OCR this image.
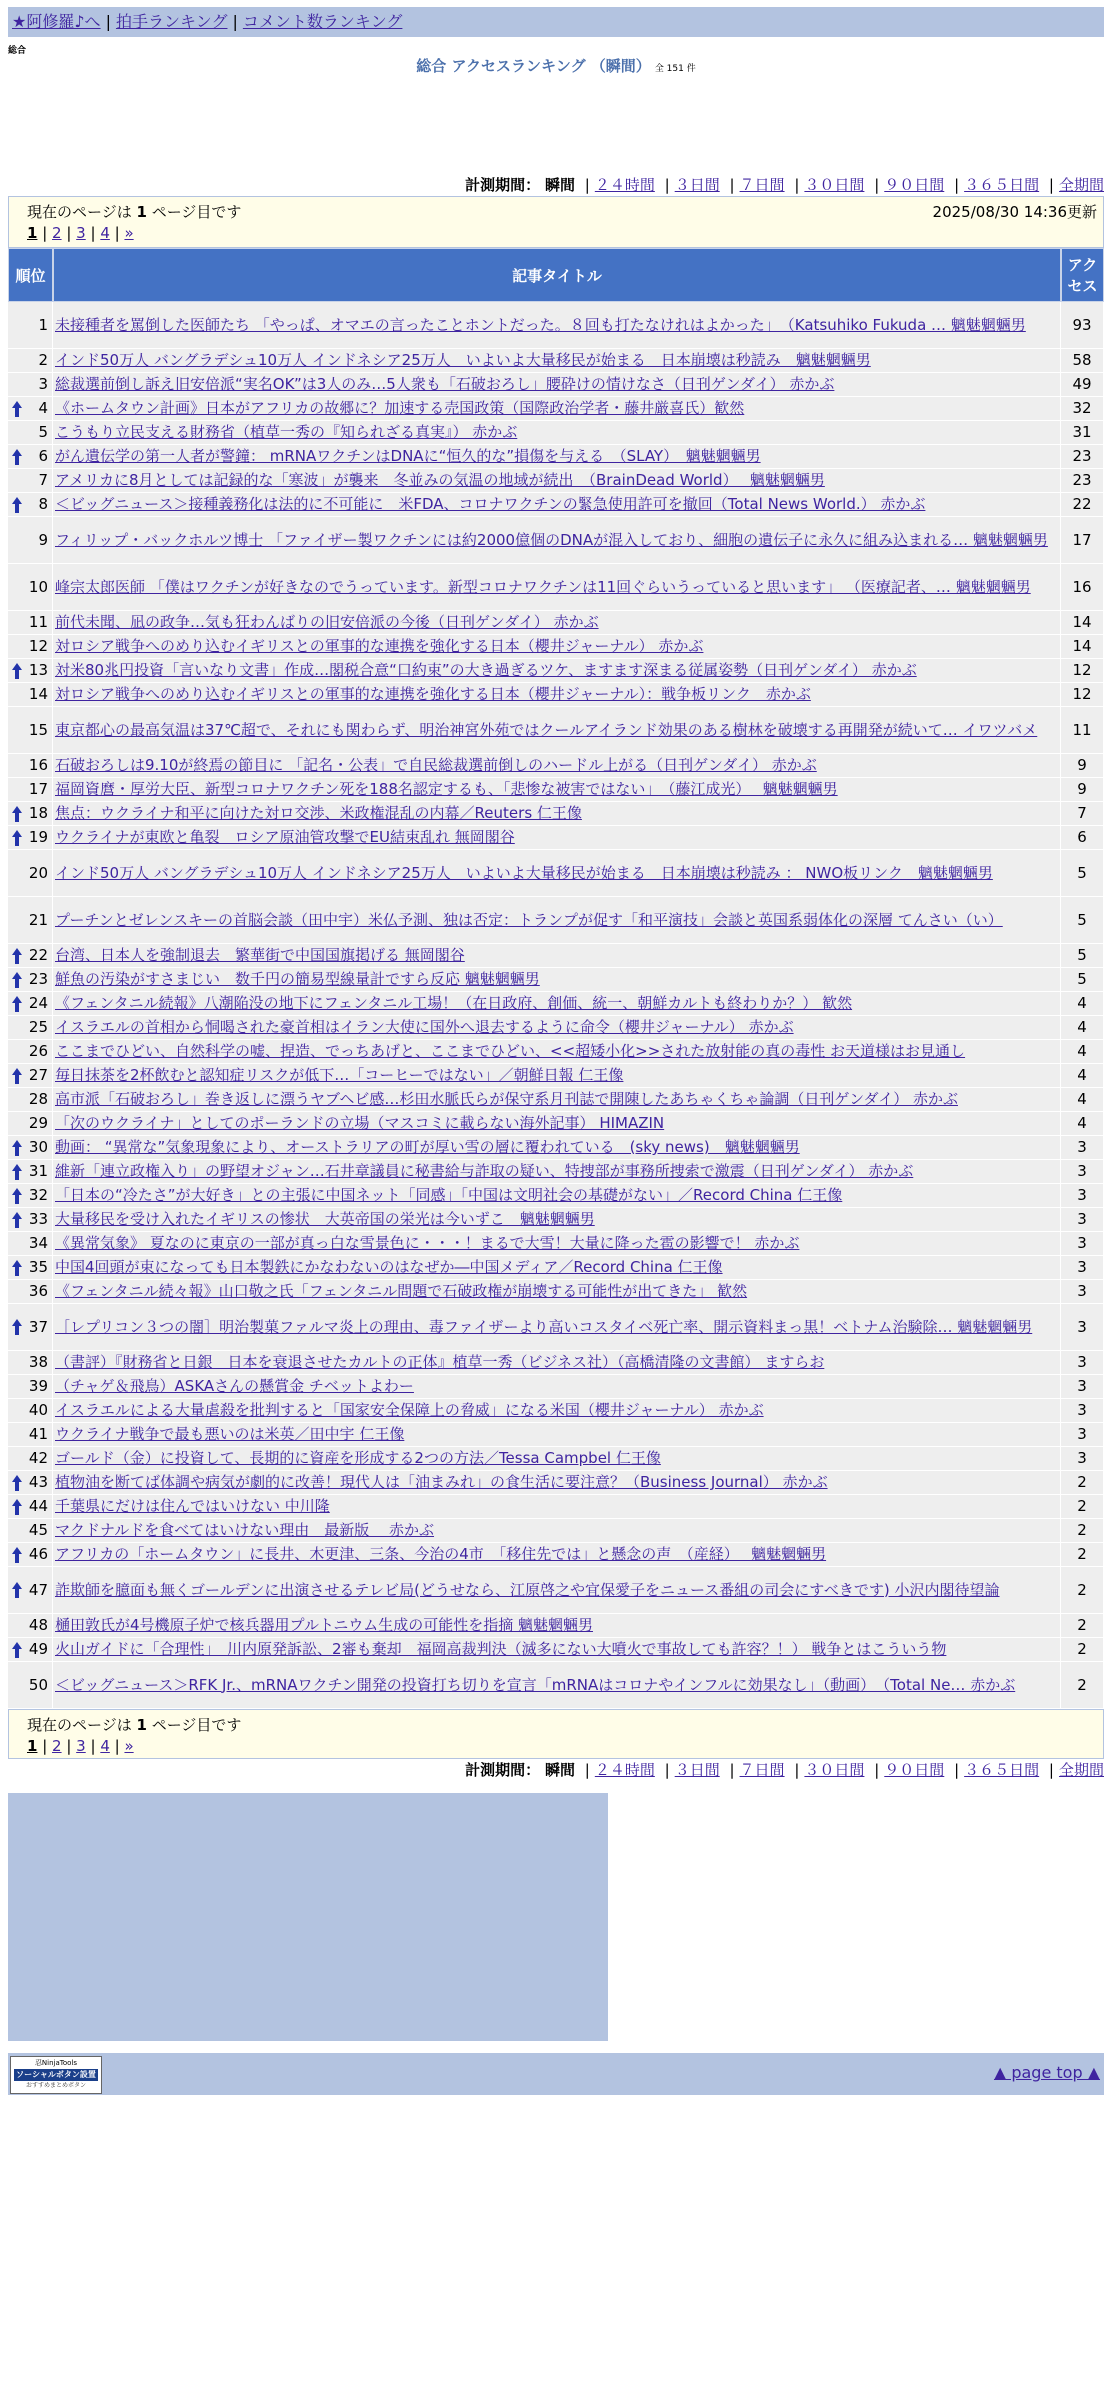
★阿修羅♪へ | 拍手ランキング | コメント数ランキング
総合
総合 アクセスランキング （瞬間） 全 151 件
計測期間： 瞬間 | ２４時間 | ３日間 | ７日間 | ３０日間 | ９０日間 | ３６５日間 | 全期間
現在のページは 1 ページ目です	2025/08/30 14:36更新
1 | 2 | 3 | 4 | »
順位	記事タイトル	アクセス
1	未接種者を罵倒した医師たち 「やっぱ、オマエの言ったことホントだった。８回も打たなけれはよかった」　（Katsuhiko Fukuda … 魑魅魍魎男	93
2	インド50万人 バングラデシュ10万人 インドネシア25万人　いよいよ大量移民が始まる　日本崩壊は秒読み　魑魅魍魎男	58
3	総裁選前倒し訴え旧安倍派“実名OK”は3人のみ…5人衆も「石破おろし」腰砕けの情けなさ（日刊ゲンダイ） 赤かぶ	49

4	《ホームタウン計画》日本がアフリカの故郷に？加速する売国政策（国際政治学者・藤井厳喜氏）歓然	32
5	こうもり立民支える財務省（植草一秀の『知られざる真実』） 赤かぶ	31

6	がん遺伝学の第一人者が警鐘： mRNAワクチンはDNAに“恒久的な”損傷を与える　（SLAY）　魑魅魍魎男	23
7	アメリカに8月としては記録的な「寒波」が襲来　冬並みの気温の地域が続出　（BrainDead World）　 魑魅魍魎男	23

8	＜ビッグニュース＞接種義務化は法的に不可能に　米FDA、コロナワクチンの緊急使用許可を撤回（Total News World.） 赤かぶ	22
9	フィリップ・バックホルツ博士 「ファイザー製ワクチンには約2000億個のDNAが混入しており、細胞の遺伝子に永久に組み込まれる… 魑魅魍魎男	17
10	峰宗太郎医師 「僕はワクチンが好きなのでうっています。新型コロナワクチンは11回ぐらいうっていると思います」 （医療記者、… 魑魅魍魎男	16
11	前代未聞、凪の政争…気も狂わんばりの旧安倍派の今後（日刊ゲンダイ） 赤かぶ	14
12	対ロシア戦争へのめり込むイギリスとの軍事的な連携を強化する日本（櫻井ジャーナル） 赤かぶ	14

13	対米80兆円投資「言いなり文書」作成…閣税合意“口約束”の大き過ぎるツケ、ますます深まる従属姿勢（日刊ゲンダイ） 赤かぶ	12
14	対ロシア戦争へのめり込むイギリスとの軍事的な連携を強化する日本（櫻井ジャーナル）：戦争板リンク　赤かぶ	12
15	東京都心の最高気温は37℃超で、それにも関わらず、明治神宮外苑ではクールアイランド効果のある樹林を破壊する再開発が続いて… イワツバメ	11
16	石破おろしは9.10が終焉の節目に 「記名・公表」で自民総裁選前倒しのハードル上がる（日刊ゲンダイ） 赤かぶ	9
17	福岡資麿・厚労大臣、新型コロナワクチン死を188名認定するも、「悲惨な被害ではない」　（藤江成光）　 魑魅魍魎男	9

18	焦点：ウクライナ和平に向けた対ロ交渉、米政権混乱の内幕／Reuters 仁王像	7

19	ウクライナが東欧と亀裂　ロシア原油管攻撃でEU結束乱れ 無岡閣谷	6
20	インド50万人 バングラデシュ10万人 インドネシア25万人　いよいよ大量移民が始まる　日本崩壊は秒読み ： NWO板リンク　魑魅魍魎男	5
21	プーチンとゼレンスキーの首脳会談（田中宇）米仏予測、独は否定：トランプが促す「和平演技」会談と英国系弱体化の深層 てんさい（い）	5

22	台湾、日本人を強制退去　繁華街で中国国旗掲げる 無岡閣谷	5

23	鮮魚の汚染がすさまじい　数千円の簡易型線量計ですら反応 魑魅魍魎男	5

24	《フェンタニル続報》八潮陥没の地下にフェンタニル工場！（在日政府、創価、統一、朝鮮カルトも終わりか？） 歓然	4
25	イスラエルの首相から恫喝された豪首相はイラン大使に国外へ退去するように命令（櫻井ジャーナル） 赤かぶ	4
26	ここまでひどい、自然科学の嘘、捏造、でっちあげと、ここまでひどい、<<超矮小化>>された放射能の真の毒性 お天道様はお見通し	4

27	毎日抹茶を2杯飲むと認知症リスクが低下…「コーヒーではない」／朝鮮日報 仁王像	4
28	高市派「石破おろし」巻き返しに漂うヤブヘビ感…杉田水脈氏らが保守系月刊誌で開陳したあちゃくちゃ論調（日刊ゲンダイ） 赤かぶ	4
29	「次のウクライナ」としてのポーランドの立場（マスコミに載らない海外記事） HIMAZIN	4

30	動画： “異常な”気象現象により、オーストラリアの町が厚い雪の層に覆われている　(sky news)　魑魅魍魎男	3

31	維新「連立政権入り」の野望オジャン…石井章議員に秘書給与詐取の疑い、特捜部が事務所捜索で激震（日刊ゲンダイ） 赤かぶ	3

32	「日本の“冷たさ”が大好き」との主張に中国ネット「同感」「中国は文明社会の基礎がない」／Record China 仁王像	3

33	大量移民を受け入れたイギリスの惨状　大英帝国の栄光は今いずこ　魑魅魍魎男	3
34	《異常気象》 夏なのに東京の一部が真っ白な雪景色に・・・！まるで大雪！大量に降った雹の影響で！ 赤かぶ	3

35	中国4回頭が束になっても日本製鉄にかなわないのはなぜか―中国メディア／Record China 仁王像	3
36	《フェンタニル続々報》山口敬之氏「フェンタニル問題で石破政権が崩壊する可能性が出てきた」 歓然	3

37	［レプリコン３つの闇］明治製菓ファルマ炎上の理由、毒ファイザーより高いコスタイベ死亡率、開示資料まっ黒！ベトナム治験除… 魑魅魍魎男	3
38	（書評）『財務省と日銀　日本を衰退させたカルトの正体』植草一秀（ビジネス社）（高橋清隆の文書館） ますらお	3
39	（チャゲ＆飛鳥）ASKAさんの懸賞金 チベットよわー	3
40	イスラエルによる大量虐殺を批判すると「国家安全保障上の脅威」になる米国（櫻井ジャーナル） 赤かぶ	3
41	ウクライナ戦争で最も悪いのは米英／田中宇 仁王像	3
42	ゴールド（金）に投資して、長期的に資産を形成する2つの方法／Tessa Campbel 仁王像	3

43	植物油を断てば体調や病気が劇的に改善！現代人は「油まみれ」の食生活に要注意？（Business Journal） 赤かぶ	2

44	千葉県にだけは住んではいけない 中川隆	2
45	マクドナルドを食べてはいけない理由　最新版　 赤かぶ	2

46	アフリカの「ホームタウン」に長井、木更津、三条、今治の4市　「移住先では」と懸念の声　（産経）　 魑魅魍魎男	2

47	詐欺師を臆面も無くゴールデンに出演させるテレビ局(どうせなら、江原啓之や宜保愛子をニュース番組の司会にすべきです) 小沢内閣待望論	2
48	樋田敦氏が4号機原子炉で核兵器用プルトニウム生成の可能性を指摘 魑魅魍魎男	2

49	火山ガイドに「合理性」　川内原発訴訟、2審も棄却　福岡高裁判決（滅多にない大噴火で事故しても許容？！） 戦争とはこういう物	2
50	＜ビッグニュース＞RFK Jr.、mRNAワクチン開発の投資打ち切りを宣言「mRNAはコロナやインフルに効果なし」（動画）　（Total Ne… 赤かぶ	2
現在のページは 1 ページ目です
1 | 2 | 3 | 4 | »
計測期間： 瞬間 | ２４時間 | ３日間 | ７日間 | ３０日間 | ９０日間 | ３６５日間 | 全期間
忍NinjaTools
ソーシャルボタン設置
おすすめまとめボタン
▲ page top ▲
